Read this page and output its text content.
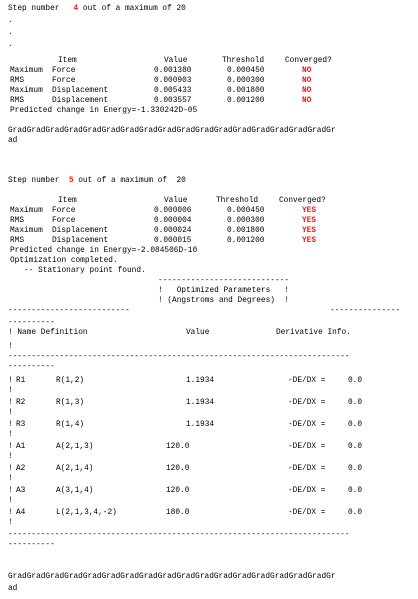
Step number 4 out of a maximum of 20
.
.
.
Item	Value	Threshold	Converged?
Maximum Force	0.001380	0.000450	NO
RMS	Force	0.000903	0.000300	NO
Maximum Displacement	0.005433	0.001800	NO
RMS	Displacement	0.003557	0.001200	NO
Predicted change in Energy=-1.330242D-05
GradGradGradGradGradGradGradGradGradGradGradGradGradGradGradGradGradGr
ad
Step number 5 out of a maximum of  20
Item	Value	Threshold	Converged?
Maximum Force	0.000006	0.000450	YES
RMS	Force	0.000004	0.000300	YES
Maximum Displacement	0.000024	0.001800	YES
RMS	Displacement	0.000015	0.001200	YES
Predicted change in Energy=-2.084506D-10
Optimization completed.
-- Stationary point found.
----------------------------
!   Optimized Parameters   !
! (Angstroms and Degrees)  !
--------------------------	---------------
----------
! Name Definition	Value	Derivative Info.
!
-------------------------------------------------------------------------
----------
! R1	R(1,2)	1.1934	-DE/DX =	0.0
!
! R2	R(1,3)	1.1934	-DE/DX =	0.0
!
! R3	R(1,4)	1.1934	-DE/DX =	0.0
!
! A1	A(2,1,3)	120.0	-DE/DX =	0.0
!
! A2	A(2,1,4)	120.0	-DE/DX =	0.0
!
! A3	A(3,1,4)	120.0	-DE/DX =	0.0
!
! A4	L(2,1,3,4,-2)	180.0	-DE/DX =	0.0
!
-------------------------------------------------------------------------
----------
GradGradGradGradGradGradGradGradGradGradGradGradGradGradGradGradGradGr
ad
